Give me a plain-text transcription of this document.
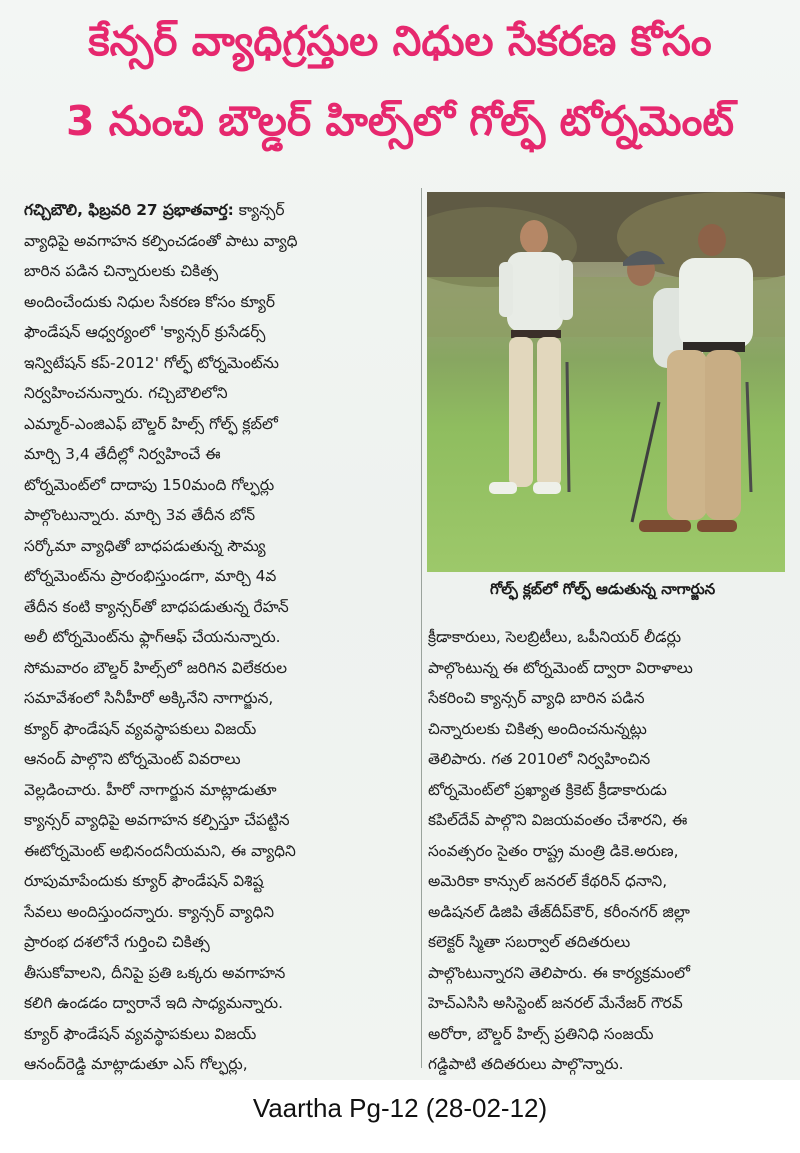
కేన్సర్ వ్యాధిగ్రస్తుల నిధుల సేకరణ కోసం
3 నుంచి బౌల్డర్ హిల్స్‌లో గోల్ఫ్ టోర్నమెంట్
గచ్చిబౌలి, ఫిబ్రవరి 27 ప్రభాతవార్త: క్యాన్సర్
వ్యాధిపై అవగాహన కల్పించడంతో పాటు వ్యాధి
బారిన పడిన చిన్నారులకు చికిత్స
అందించేందుకు నిధుల సేకరణ కోసం క్యూర్
ఫౌండేషన్ ఆధ్వర్యంలో 'క్యాన్సర్ క్రుసేడర్స్
ఇన్విటేషన్ కప్-2012' గోల్ఫ్ టోర్నమెంట్‌ను
నిర్వహించనున్నారు. గచ్చిబౌలిలోని
ఎమ్మార్-ఎంజిఎఫ్ బౌల్డర్ హిల్స్ గోల్ఫ్ క్లబ్‌లో
మార్చి 3,4 తేదీల్లో నిర్వహించే ఈ
టోర్నమెంట్‌లో దాదాపు 150మంది గోల్ఫర్లు
పాల్గొంటున్నారు. మార్చి 3వ తేదీన బోన్
సర్కోమా వ్యాధితో బాధపడుతున్న సౌమ్య
టోర్నమెంట్‌ను ప్రారంభిస్తుండగా, మార్చి 4వ
తేదీన కంటి క్యాన్సర్‌తో బాధపడుతున్న రేహన్
అలీ టోర్నమెంట్‌ను ఫ్లాగ్‌ఆఫ్ చేయనున్నారు.
సోమవారం బౌల్డర్ హిల్స్‌లో జరిగిన విలేకరుల
సమావేశంలో సినీహీరో అక్కినేని నాగార్జున,
క్యూర్ ఫౌండేషన్ వ్యవస్థాపకులు విజయ్
ఆనంద్ పాల్గొని టోర్నమెంట్ వివరాలు
వెల్లడించారు. హీరో నాగార్జున మాట్లాడుతూ
క్యాన్సర్ వ్యాధిపై అవగాహన కల్పిస్తూ చేపట్టిన
ఈటోర్నమెంట్ అభినందనీయమని, ఈ వ్యాధిని
రూపుమాపేందుకు క్యూర్ ఫౌండేషన్ విశిష్ట
సేవలు అందిస్తుందన్నారు. క్యాన్సర్ వ్యాధిని
ప్రారంభ దశలోనే గుర్తించి చికిత్స
తీసుకోవాలని, దీనిపై ప్రతి ఒక్కరు అవగాహన
కలిగి ఉండడం ద్వారానే ఇది సాధ్యమన్నారు.
క్యూర్ ఫౌండేషన్ వ్యవస్థాపకులు విజయ్
ఆనంద్‌రెడ్డి మాట్లాడుతూ ఎస్ గోల్ఫర్లు,
గోల్ఫ్ క్లబ్‌లో గోల్ఫ్ ఆడుతున్న నాగార్జున
క్రీడాకారులు, సెలబ్రిటీలు, ఒపీనియర్ లీడర్లు
పాల్గొంటున్న ఈ టోర్నమెంట్ ద్వారా విరాళాలు
సేకరించి క్యాన్సర్ వ్యాధి బారిన పడిన
చిన్నారులకు చికిత్స అందించనున్నట్లు
తెలిపారు. గత 2010లో నిర్వహించిన
టోర్నమెంట్‌లో ప్రఖ్యాత క్రికెట్ క్రీడాకారుడు
కపిల్‌దేవ్ పాల్గొని విజయవంతం చేశారని, ఈ
సంవత్సరం సైతం రాష్ట్ర మంత్రి డికె.అరుణ,
అమెరికా కాన్సుల్ జనరల్ కేథరిన్ ధనాని,
అడిషనల్ డిజిపి తేజ్‌దీప్‌కౌర్, కరీంనగర్ జిల్లా
కలెక్టర్ స్మితా సబర్వాల్ తదితరులు
పాల్గొంటున్నారని తెలిపారు. ఈ కార్యక్రమంలో
హెచ్‌ఎసిసి అసిస్టెంట్ జనరల్ మేనేజర్ గౌరవ్
అరోరా, బౌల్డర్ హిల్స్ ప్రతినిధి సంజయ్
గడ్డిపాటి తదితరులు పాల్గొన్నారు.
Vaartha Pg-12 (28-02-12)
